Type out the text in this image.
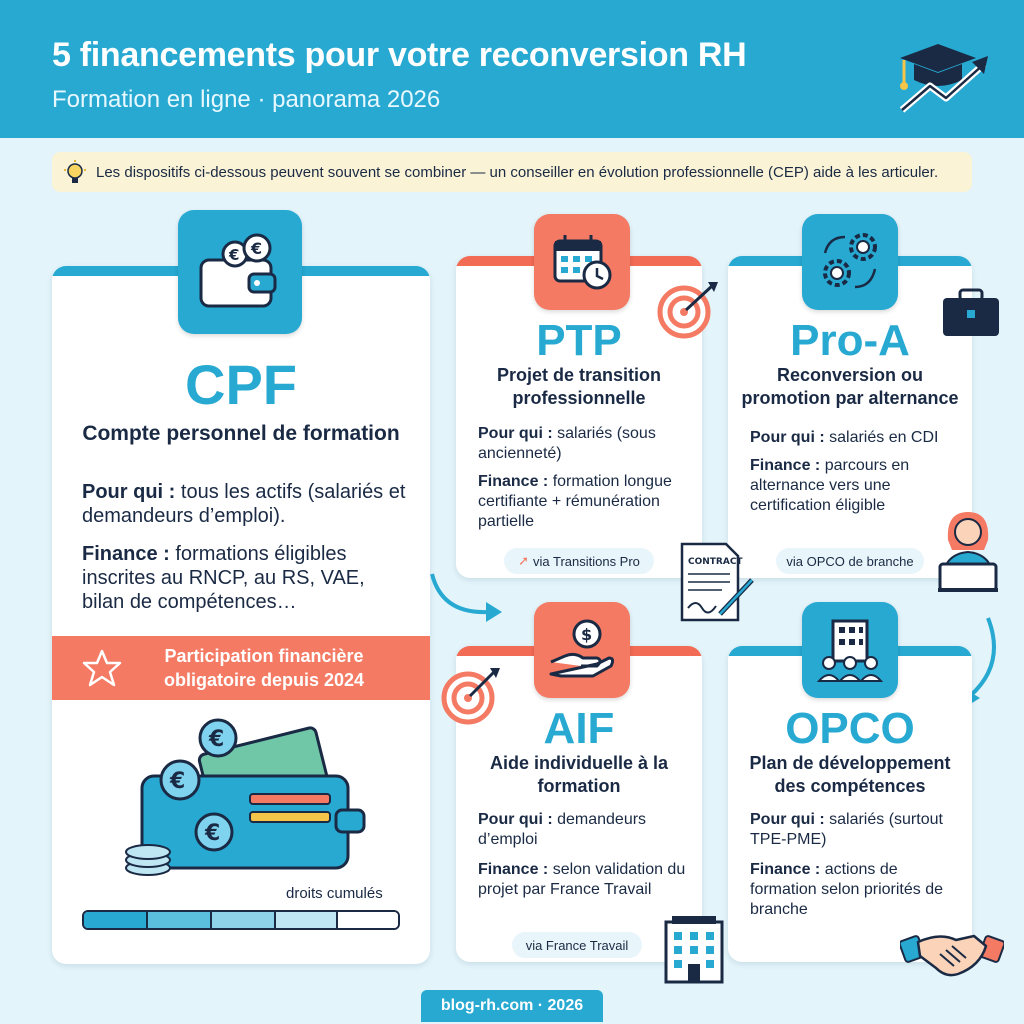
5 financements pour votre reconversion RH
Formation en ligne · panorama 2026
Les dispositifs ci-dessous peuvent souvent se combiner — un conseiller en évolution professionnelle (CEP) aide à les articuler.
€ €
CPF
Compte personnel de formation
Pour qui : tous les actifs (salariés et demandeurs d’emploi).
Finance : formations éligibles inscrites au RNCP, au RS, VAE, bilan de compétences…
Participation financière obligatoire depuis 2024
€
€
€
droits cumulés
PTP
Projet de transition professionnelle
Pour qui : salariés (sous ancienneté)
Finance : formation longue certifiante + rémunération partielle
➚ via Transitions Pro
Pro-A
Reconversion ou promotion par alternance
Pour qui : salariés en CDI
Finance : parcours en alternance vers une certification éligible
via OPCO de branche
CONTRACT
$
AIF
Aide individuelle à la formation
Pour qui : demandeurs d’emploi
Finance : selon validation du projet par France Travail
via France Travail
OPCO
Plan de développement des compétences
Pour qui : salariés (surtout TPE-PME)
Finance : actions de formation selon priorités de branche
blog-rh.com · 2026
